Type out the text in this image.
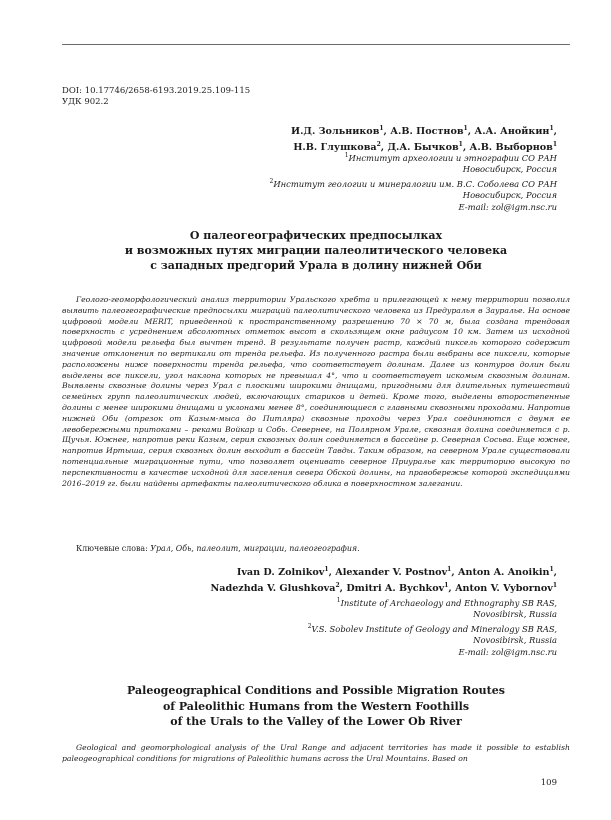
DOI: 10.17746/2658-6193.2019.25.109-115
УДК 902.2
И.Д. Зольников$^1$, А.В. Постнов$^1$, А.А. Анойкин$^1$,
Н.В. Глушкова$^2$, Д.А. Бычков$^1$, А.В. Выборнов$^1$
$^1$Институт археологии и этнографии СО РАН
Новосибирск, Россия
$^2$Институт геологии и минералогии им. В.С. Соболева СО РАН
Новосибирск, Россия
E-mail: zol@igm.nsc.ru
О палеогеографических предпосылках
и возможных путях миграции палеолитического человека
с западных предгорий Урала в долину нижней Оби
Геолого-геоморфологический анализ территории Уральского хребта и прилегающей к нему территории позволил выявить палеогеографические предпосылки миграций палеолитического человека из Предуралья в Зауралье. На основе цифровой модели MERIT, приведенной к пространственному разрешению 70 × 70 м, была создана трендовая поверхность с усреднением абсолютных отметок высот в скользящем окне радиусом 10 км. Затем из исходной цифровой модели рельефа был вычтен тренд. В результате получен растр, каждый пиксель которого содержит значение отклонения по вертикали от тренда рельефа. Из полученного растра были выбраны все пиксели, которые расположены ниже поверхности тренда рельефа, что соответствует долинам. Далее из контуров долин были выделены все пиксели, угол наклона которых не превышал 4°, что и соответствует искомым сквозным долинам. Выявлены сквозные долины через Урал с плоскими широкими днищами, пригодными для длительных путешествий семейных групп палеолитических людей, включающих стариков и детей. Кроме того, выделены второстепенные долины с менее широкими днищами и уклонами менее 8°, соединяющиеся с главными сквозными проходами. Напротив нижней Оби (отрезок от Казым-мыса до Питляра) сквозные проходы через Урал соединяются с двумя ее левобережными притоками – реками Войкар и Собь. Севернее, на Полярном Урале, сквозная долина соединяется с р. Щучья. Южнее, напротив реки Казым, серия сквозных долин соединяется в бассейне р. Северная Сосьва. Еще южнее, напротив Иртыша, серия сквозных долин выходит в бассейн Тавды. Таким образом, на северном Урале существовали потенциальные миграционные пути, что позволяет оценивать северное Приуралье как территорию высокую по перспективности в качестве исходной для заселения севера Обской долины, на правобережье которой экспедициями 2016–2019 гг. были найдены артефакты палеолитического облика в поверхностном залегании.
Ключевые слова: Урал, Обь, палеолит, миграции, палеогеография.
Ivan D. Zolnikov$^1$, Alexander V. Postnov$^1$, Anton A. Anoikin$^1$,
Nadezhda V. Glushkova$^2$, Dmitri A. Bychkov$^1$, Anton V. Vybornov$^1$
$^1$Institute of Archaeology and Ethnography SB RAS,
Novosibirsk, Russia
$^2$V.S. Sobolev Institute of Geology and Mineralogy SB RAS,
Novosibirsk, Russia
E-mail: zol@igm.nsc.ru
Paleogeographical Conditions and Possible Migration Routes
of Paleolithic Humans from the Western Foothills
of the Urals to the Valley of the Lower Ob River
Geological and geomorphological analysis of the Ural Range and adjacent territories has made it possible to establish paleogeographical conditions for migrations of Paleolithic humans across the Ural Mountains. Based on
109
